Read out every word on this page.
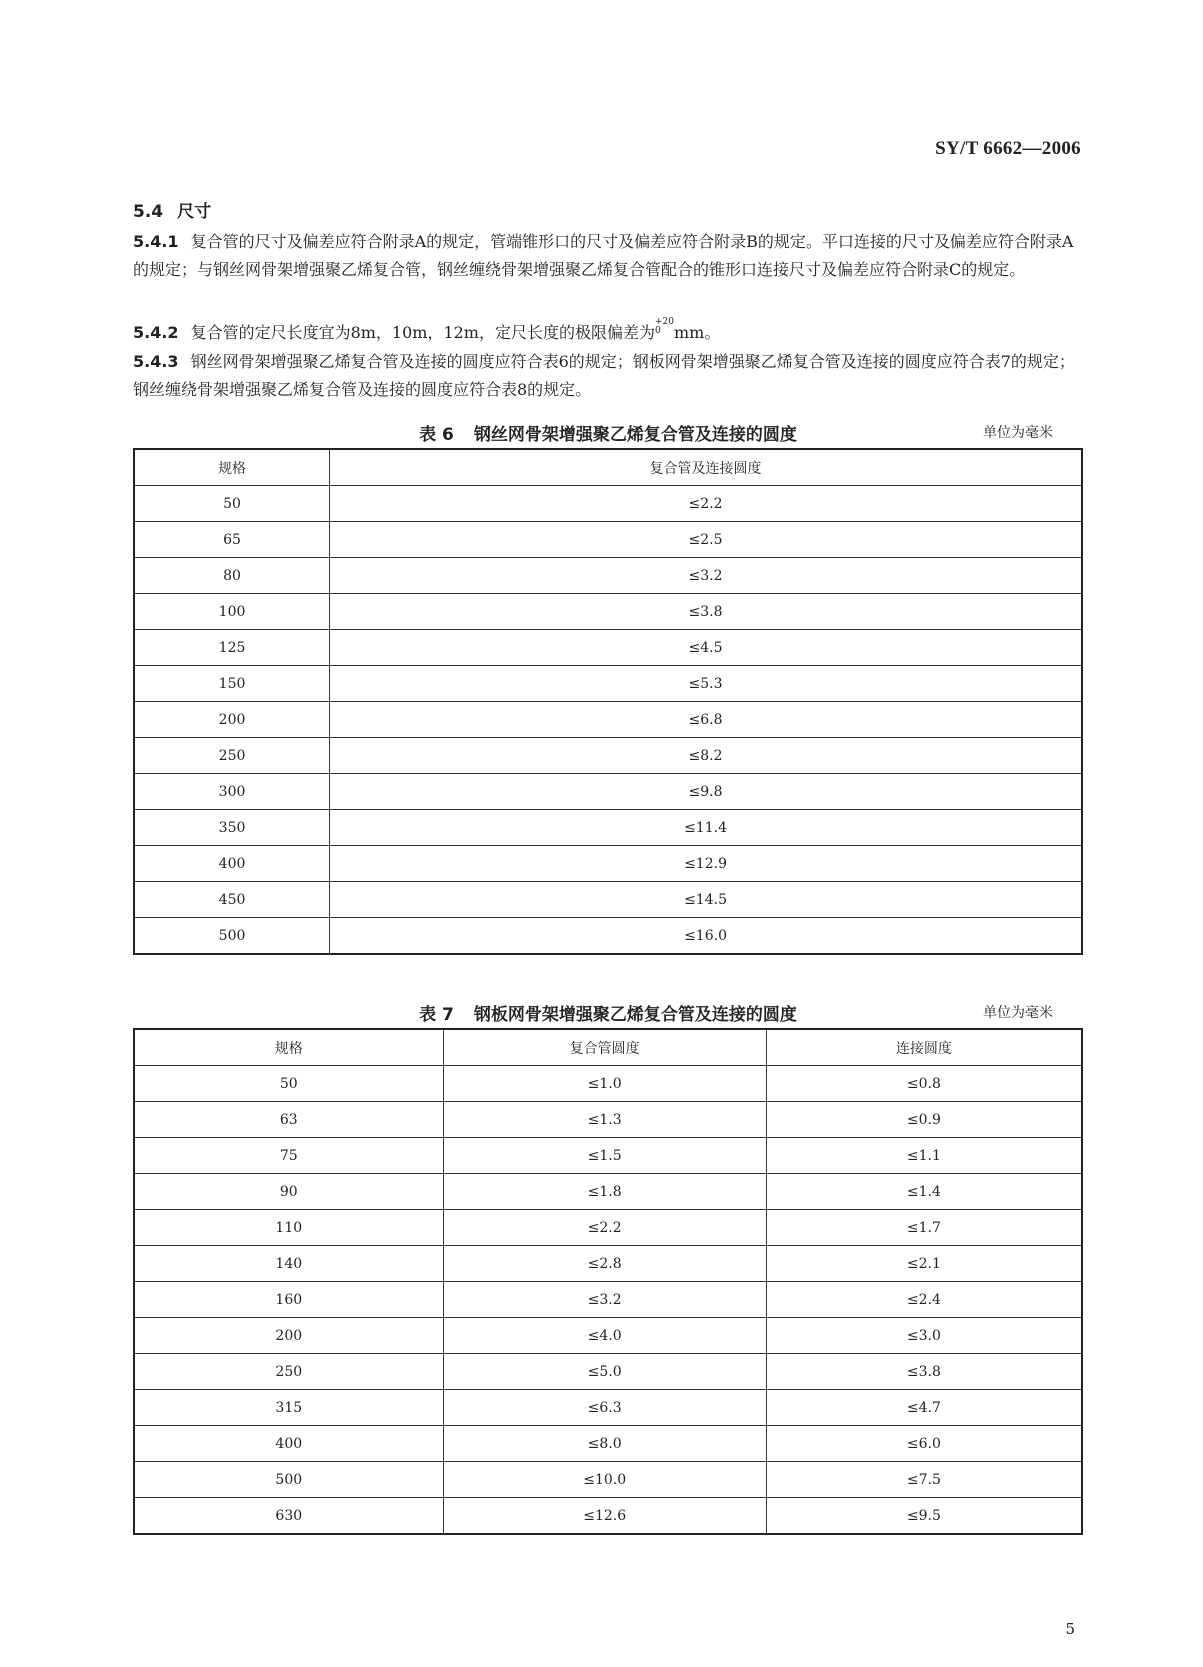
SY/T 6662—2006
5.4 尺寸
5.4.1 复合管的尺寸及偏差应符合附录A的规定，管端锥形口的尺寸及偏差应符合附录B的规定。平口连接的尺寸及偏差应符合附录A的规定；与钢丝网骨架增强聚乙烯复合管，钢丝缠绕骨架增强聚乙烯复合管配合的锥形口连接尺寸及偏差应符合附录C的规定。
5.4.2 复合管的定尺长度宜为8m，10m，12m，定尺长度的极限偏差为+20
0 mm。
5.4.3 钢丝网骨架增强聚乙烯复合管及连接的圆度应符合表6的规定；钢板网骨架增强聚乙烯复合管及连接的圆度应符合表7的规定；钢丝缠绕骨架增强聚乙烯复合管及连接的圆度应符合表8的规定。
表 6 钢丝网骨架增强聚乙烯复合管及连接的圆度	单位为毫米
规格	复合管及连接圆度
50	≤2.2
65	≤2.5
80	≤3.2
100	≤3.8
125	≤4.5
150	≤5.3
200	≤6.8
250	≤8.2
300	≤9.8
350	≤11.4
400	≤12.9
450	≤14.5
500	≤16.0
表 7 钢板网骨架增强聚乙烯复合管及连接的圆度	单位为毫米
规格	复合管圆度	连接圆度
50	≤1.0	≤0.8
63	≤1.3	≤0.9
75	≤1.5	≤1.1
90	≤1.8	≤1.4
110	≤2.2	≤1.7
140	≤2.8	≤2.1
160	≤3.2	≤2.4
200	≤4.0	≤3.0
250	≤5.0	≤3.8
315	≤6.3	≤4.7
400	≤8.0	≤6.0
500	≤10.0	≤7.5
630	≤12.6	≤9.5
5
